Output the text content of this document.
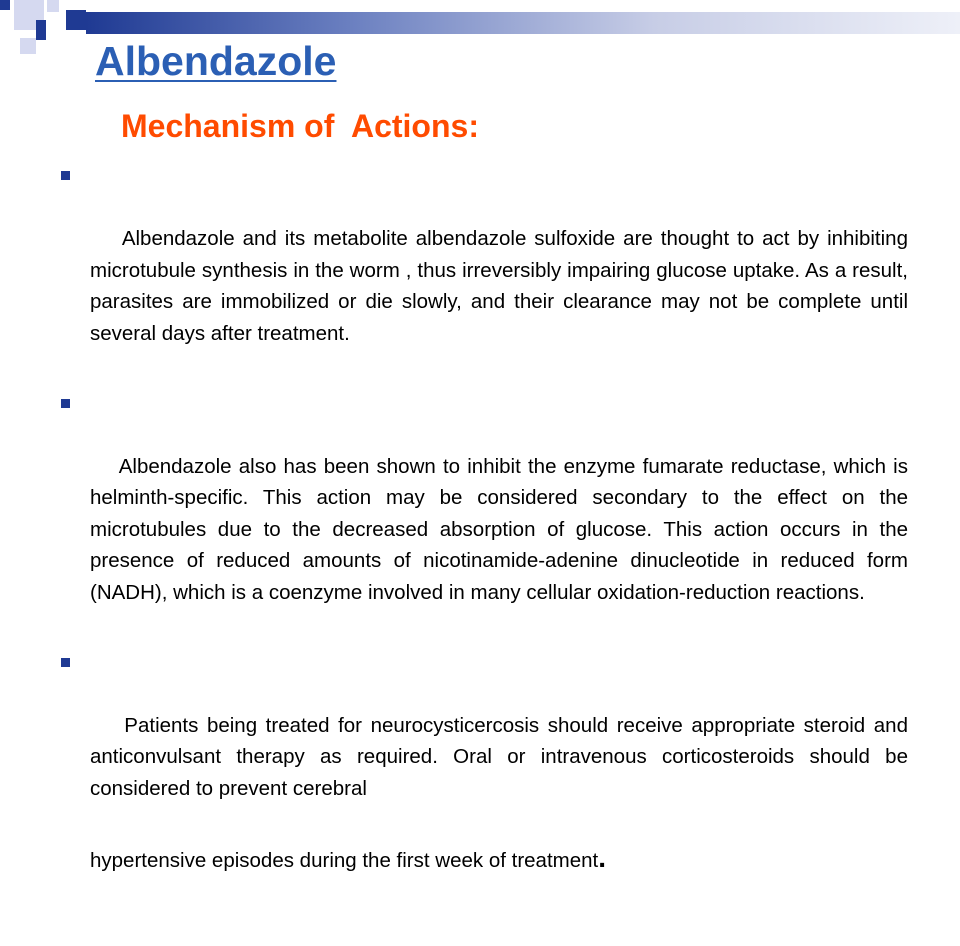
Albendazole
Mechanism of  Actions:

Albendazole and its metabolite albendazole sulfoxide are thought to act by inhibiting microtubule synthesis in the worm , thus irreversibly impairing glucose uptake. As a result,  parasites are immobilized or die slowly, and their clearance may not be complete until several days after treatment.

Albendazole also has been shown to inhibit the enzyme fumarate reductase, which is helminth-specific. This action may be considered secondary to the effect on the microtubules due to the decreased absorption of glucose. This action occurs in the presence of reduced amounts of nicotinamide-adenine dinucleotide in reduced form (NADH), which is a coenzyme involved in many cellular oxidation-reduction reactions.

Patients being treated for neurocysticercosis should receive appropriate steroid and anticonvulsant therapy as required. Oral or intravenous corticosteroids should be considered to prevent cerebral

hypertensive episodes during the first week of treatment.
